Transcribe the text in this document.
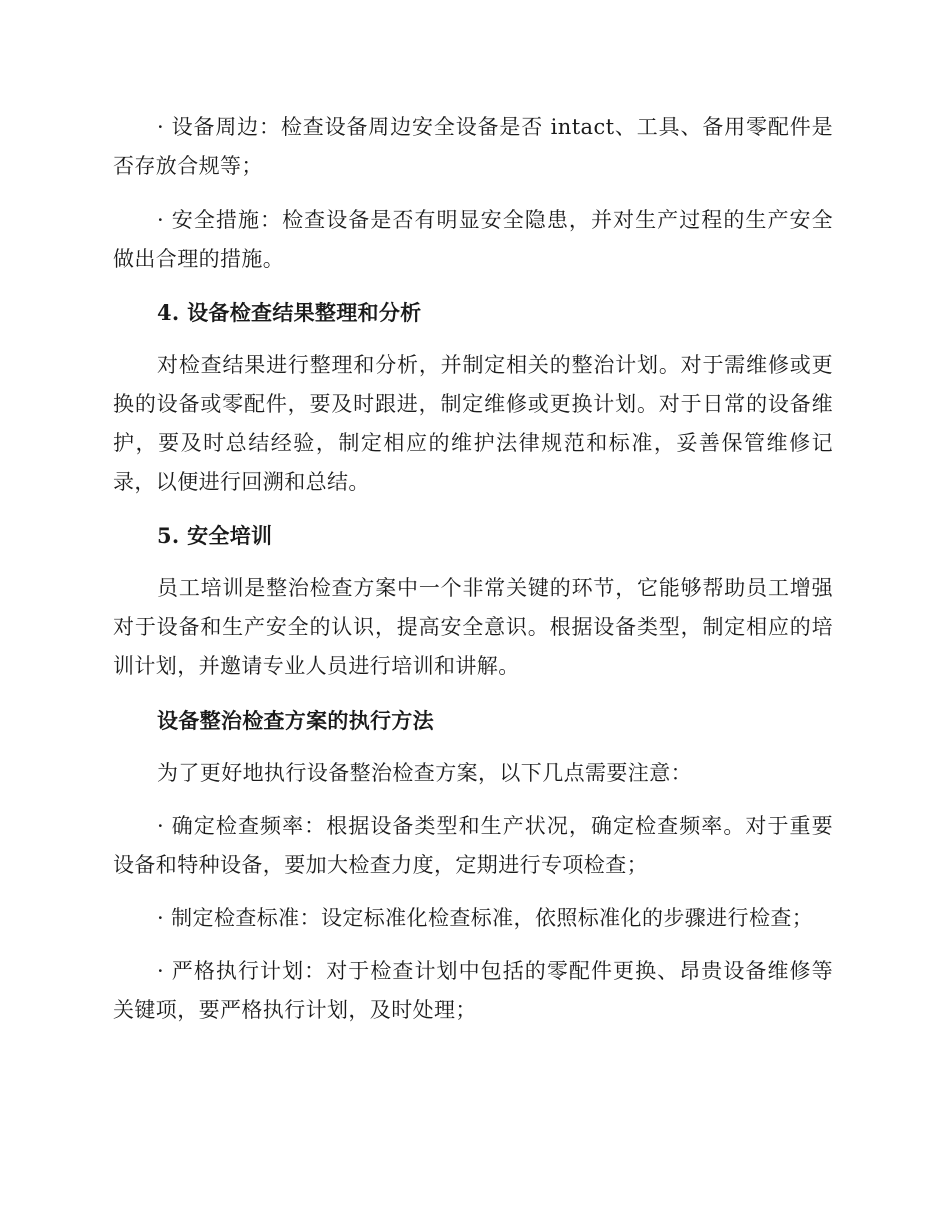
· 设备周边：检查设备周边安全设备是否 intact、工具、备用零配件是否存放合规等；

· 安全措施：检查设备是否有明显安全隐患，并对生产过程的生产安全做出合理的措施。

4. 设备检查结果整理和分析

对检查结果进行整理和分析，并制定相关的整治计划。对于需维修或更换的设备或零配件，要及时跟进，制定维修或更换计划。对于日常的设备维护，要及时总结经验，制定相应的维护法律规范和标准，妥善保管维修记录，以便进行回溯和总结。

5. 安全培训

员工培训是整治检查方案中一个非常关键的环节，它能够帮助员工增强对于设备和生产安全的认识，提高安全意识。根据设备类型，制定相应的培训计划，并邀请专业人员进行培训和讲解。

设备整治检查方案的执行方法

为了更好地执行设备整治检查方案，以下几点需要注意：

· 确定检查频率：根据设备类型和生产状况，确定检查频率。对于重要设备和特种设备，要加大检查力度，定期进行专项检查；

· 制定检查标准：设定标准化检查标准，依照标准化的步骤进行检查；

· 严格执行计划：对于检查计划中包括的零配件更换、昂贵设备维修等关键项，要严格执行计划，及时处理；
